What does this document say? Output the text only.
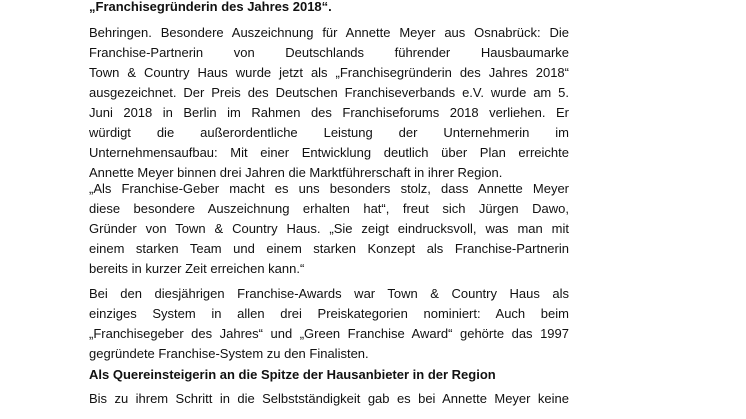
„Franchisegründerin des Jahres 2018“.
Behringen. Besondere Auszeichnung für Annette Meyer aus Osnabrück: Die
Franchise-Partnerin von Deutschlands führender Hausbaumarke
Town & Country Haus wurde jetzt als „Franchisegründerin des Jahres 2018“
ausgezeichnet. Der Preis des Deutschen Franchiseverbands e.V. wurde am 5.
Juni 2018 in Berlin im Rahmen des Franchiseforums 2018 verliehen. Er
würdigt die außerordentliche Leistung der Unternehmerin im
Unternehmensaufbau: Mit einer Entwicklung deutlich über Plan erreichte
Annette Meyer binnen drei Jahren die Marktführerschaft in ihrer Region.
„Als Franchise-Geber macht es uns besonders stolz, dass Annette Meyer
diese besondere Auszeichnung erhalten hat“, freut sich Jürgen Dawo,
Gründer von Town & Country Haus. „Sie zeigt eindrucksvoll, was man mit
einem starken Team und einem starken Konzept als Franchise-Partnerin
bereits in kurzer Zeit erreichen kann.“
Bei den diesjährigen Franchise-Awards war Town & Country Haus als
einziges System in allen drei Preiskategorien nominiert: Auch beim
„Franchisegeber des Jahres“ und „Green Franchise Award“ gehörte das 1997
gegründete Franchise-System zu den Finalisten.
Als Quereinsteigerin an die Spitze der Hausanbieter in der Region
Bis zu ihrem Schritt in die Selbstständigkeit gab es bei Annette Meyer keine
